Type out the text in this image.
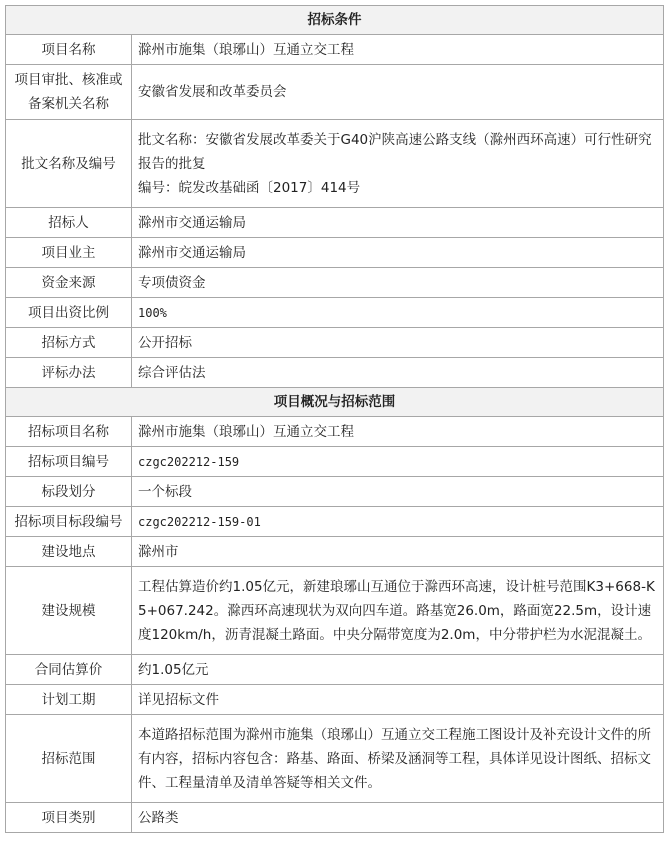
招标条件	
项目名称	滁州市施集（琅琊山）互通立交工程
项目审批、核准或备案机关名称	安徽省发展和改革委员会
批文名称及编号	批文名称：安徽省发展改革委关于G40沪陕高速公路支线（滁州西环高速）可行性研究报告的批复
编号：皖发改基础函〔2017〕414号

招标人	滁州市交通运输局
项目业主	滁州市交通运输局
资金来源	专项债资金
项目出资比例	100%
招标方式	公开招标
评标办法	综合评估法
项目概况与招标范围	
招标项目名称	滁州市施集（琅琊山）互通立交工程
招标项目编号	czgc202212-159
标段划分	一个标段
招标项目标段编号	czgc202212-159-01
建设地点	滁州市
建设规模	工程估算造价约1.05亿元，新建琅琊山互通位于滁西环高速，设计桩号范围K3+668-K5+067.242。滁西环高速现状为双向四车道。路基宽26.0m，路面宽22.5m，设计速度120km/h，沥青混凝土路面。中央分隔带宽度为2.0m，中分带护栏为水泥混凝土。
合同估算价	约1.05亿元
计划工期	详见招标文件
招标范围	本道路招标范围为滁州市施集（琅琊山）互通立交工程施工图设计及补充设计文件的所有内容，招标内容包含：路基、路面、桥梁及涵洞等工程，具体详见设计图纸、招标文件、工程量清单及清单答疑等相关文件。
项目类别	公路类
